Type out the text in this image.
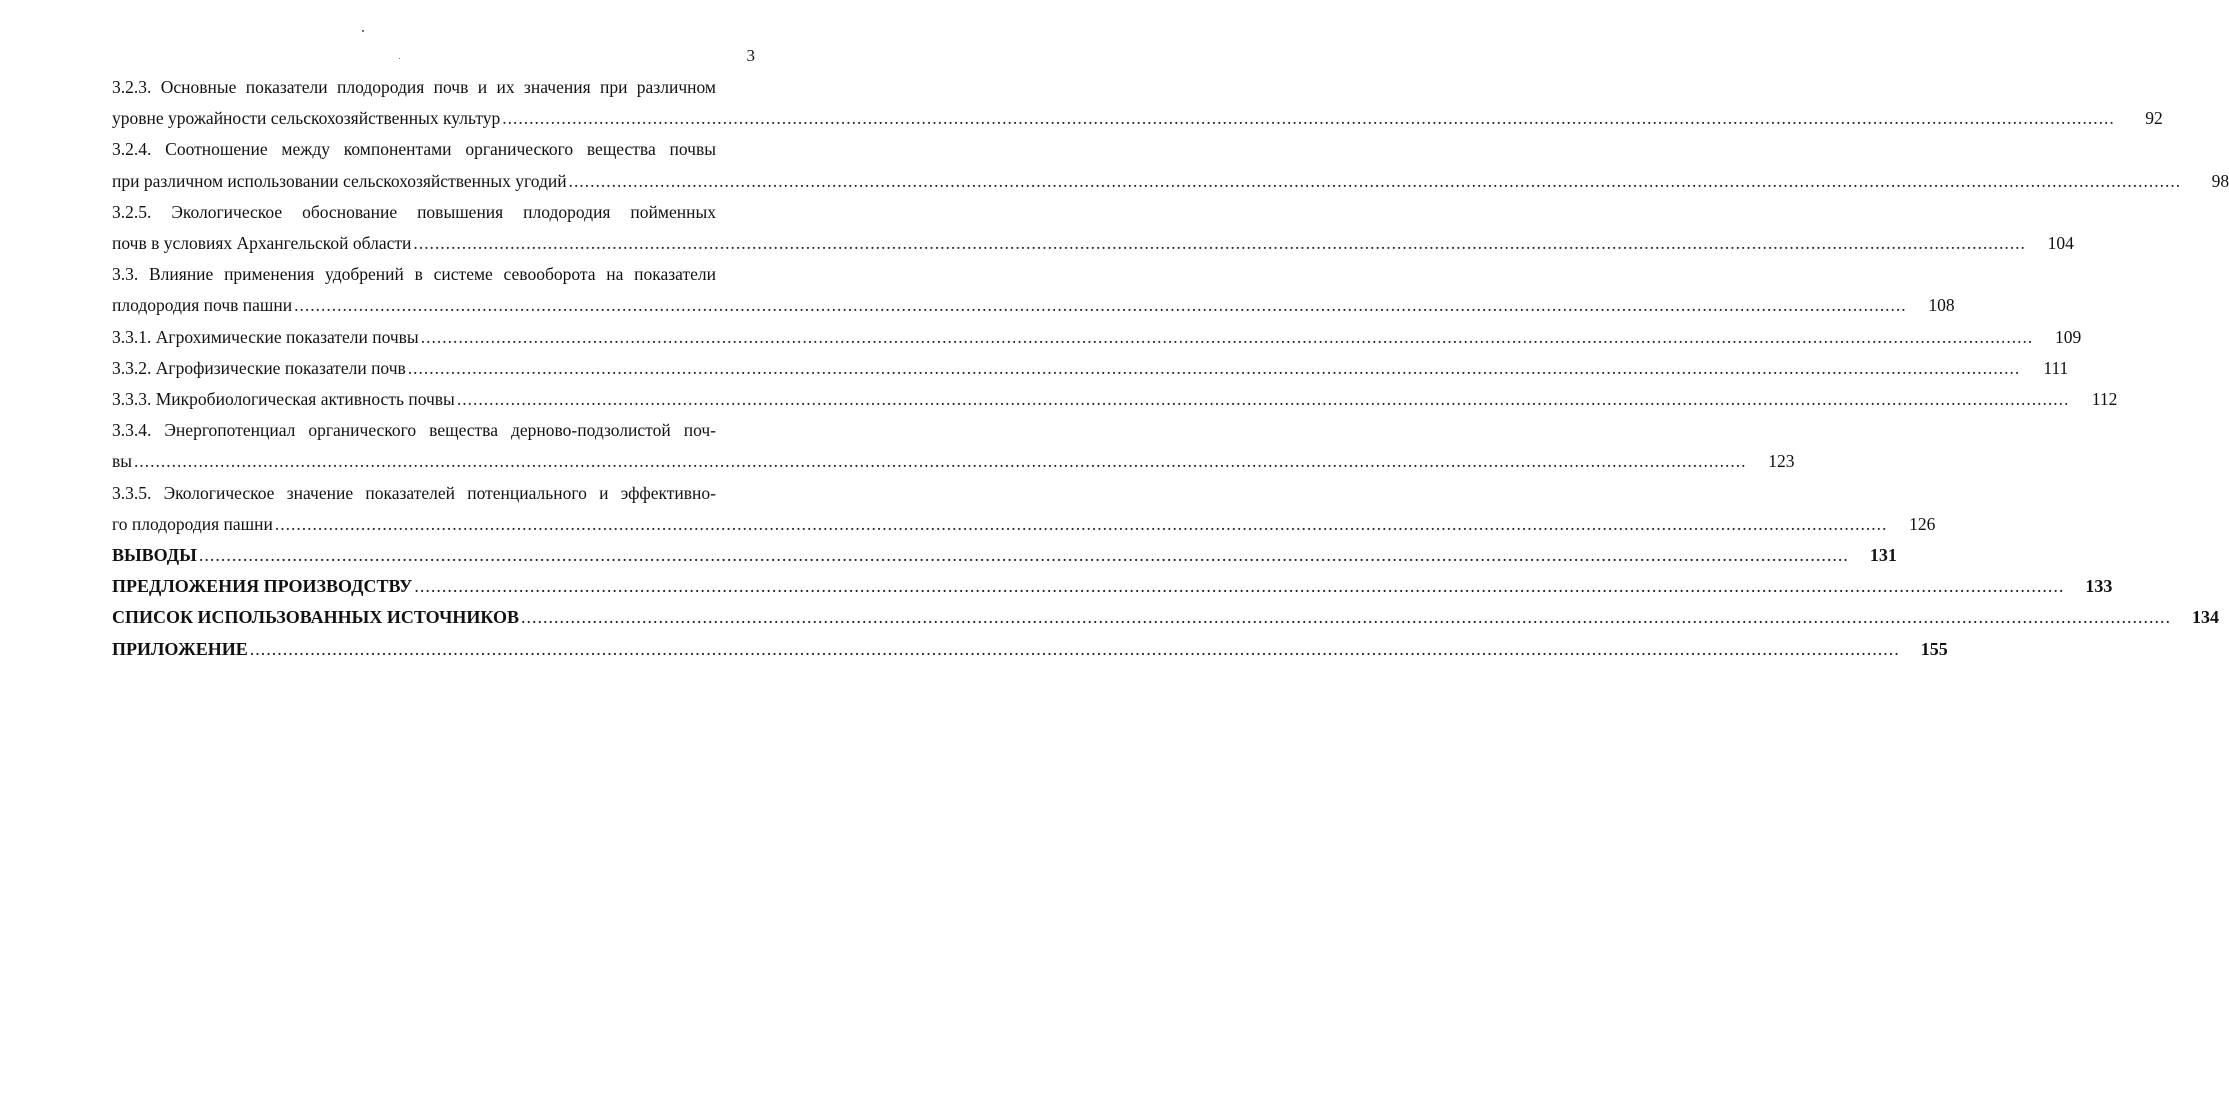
3
3.2.3. Основные показатели плодородия почв и их значения при различном
уровне урожайности сельскохозяйственных культур ............................................................................................................................................................................................................................................................................................................	92
3.2.4. Соотношение между компонентами органического вещества почвы
при различном использовании сельскохозяйственных угодий ............................................................................................................................................................................................................................................................................................................	98
3.2.5. Экологическое обоснование повышения плодородия пойменных
почв в условиях Архангельской области ............................................................................................................................................................................................................................................................................................................	104
3.3. Влияние применения удобрений в системе севооборота на показатели
плодородия почв пашни ............................................................................................................................................................................................................................................................................................................	108
3.3.1. Агрохимические показатели почвы ............................................................................................................................................................................................................................................................................................................	109
3.3.2. Агрофизические показатели почв ............................................................................................................................................................................................................................................................................................................	111
3.3.3. Микробиологическая активность почвы ............................................................................................................................................................................................................................................................................................................	112
3.3.4. Энергопотенциал органического вещества дерново-подзолистой поч-
вы ............................................................................................................................................................................................................................................................................................................	123
3.3.5. Экологическое значение показателей потенциального и эффективно-
го плодородия пашни ............................................................................................................................................................................................................................................................................................................	126
ВЫВОДЫ ............................................................................................................................................................................................................................................................................................................	131
ПРЕДЛОЖЕНИЯ ПРОИЗВОДСТВУ ............................................................................................................................................................................................................................................................................................................	133
СПИСОК ИСПОЛЬЗОВАННЫХ ИСТОЧНИКОВ ............................................................................................................................................................................................................................................................................................................	134
ПРИЛОЖЕНИЕ ............................................................................................................................................................................................................................................................................................................	155
